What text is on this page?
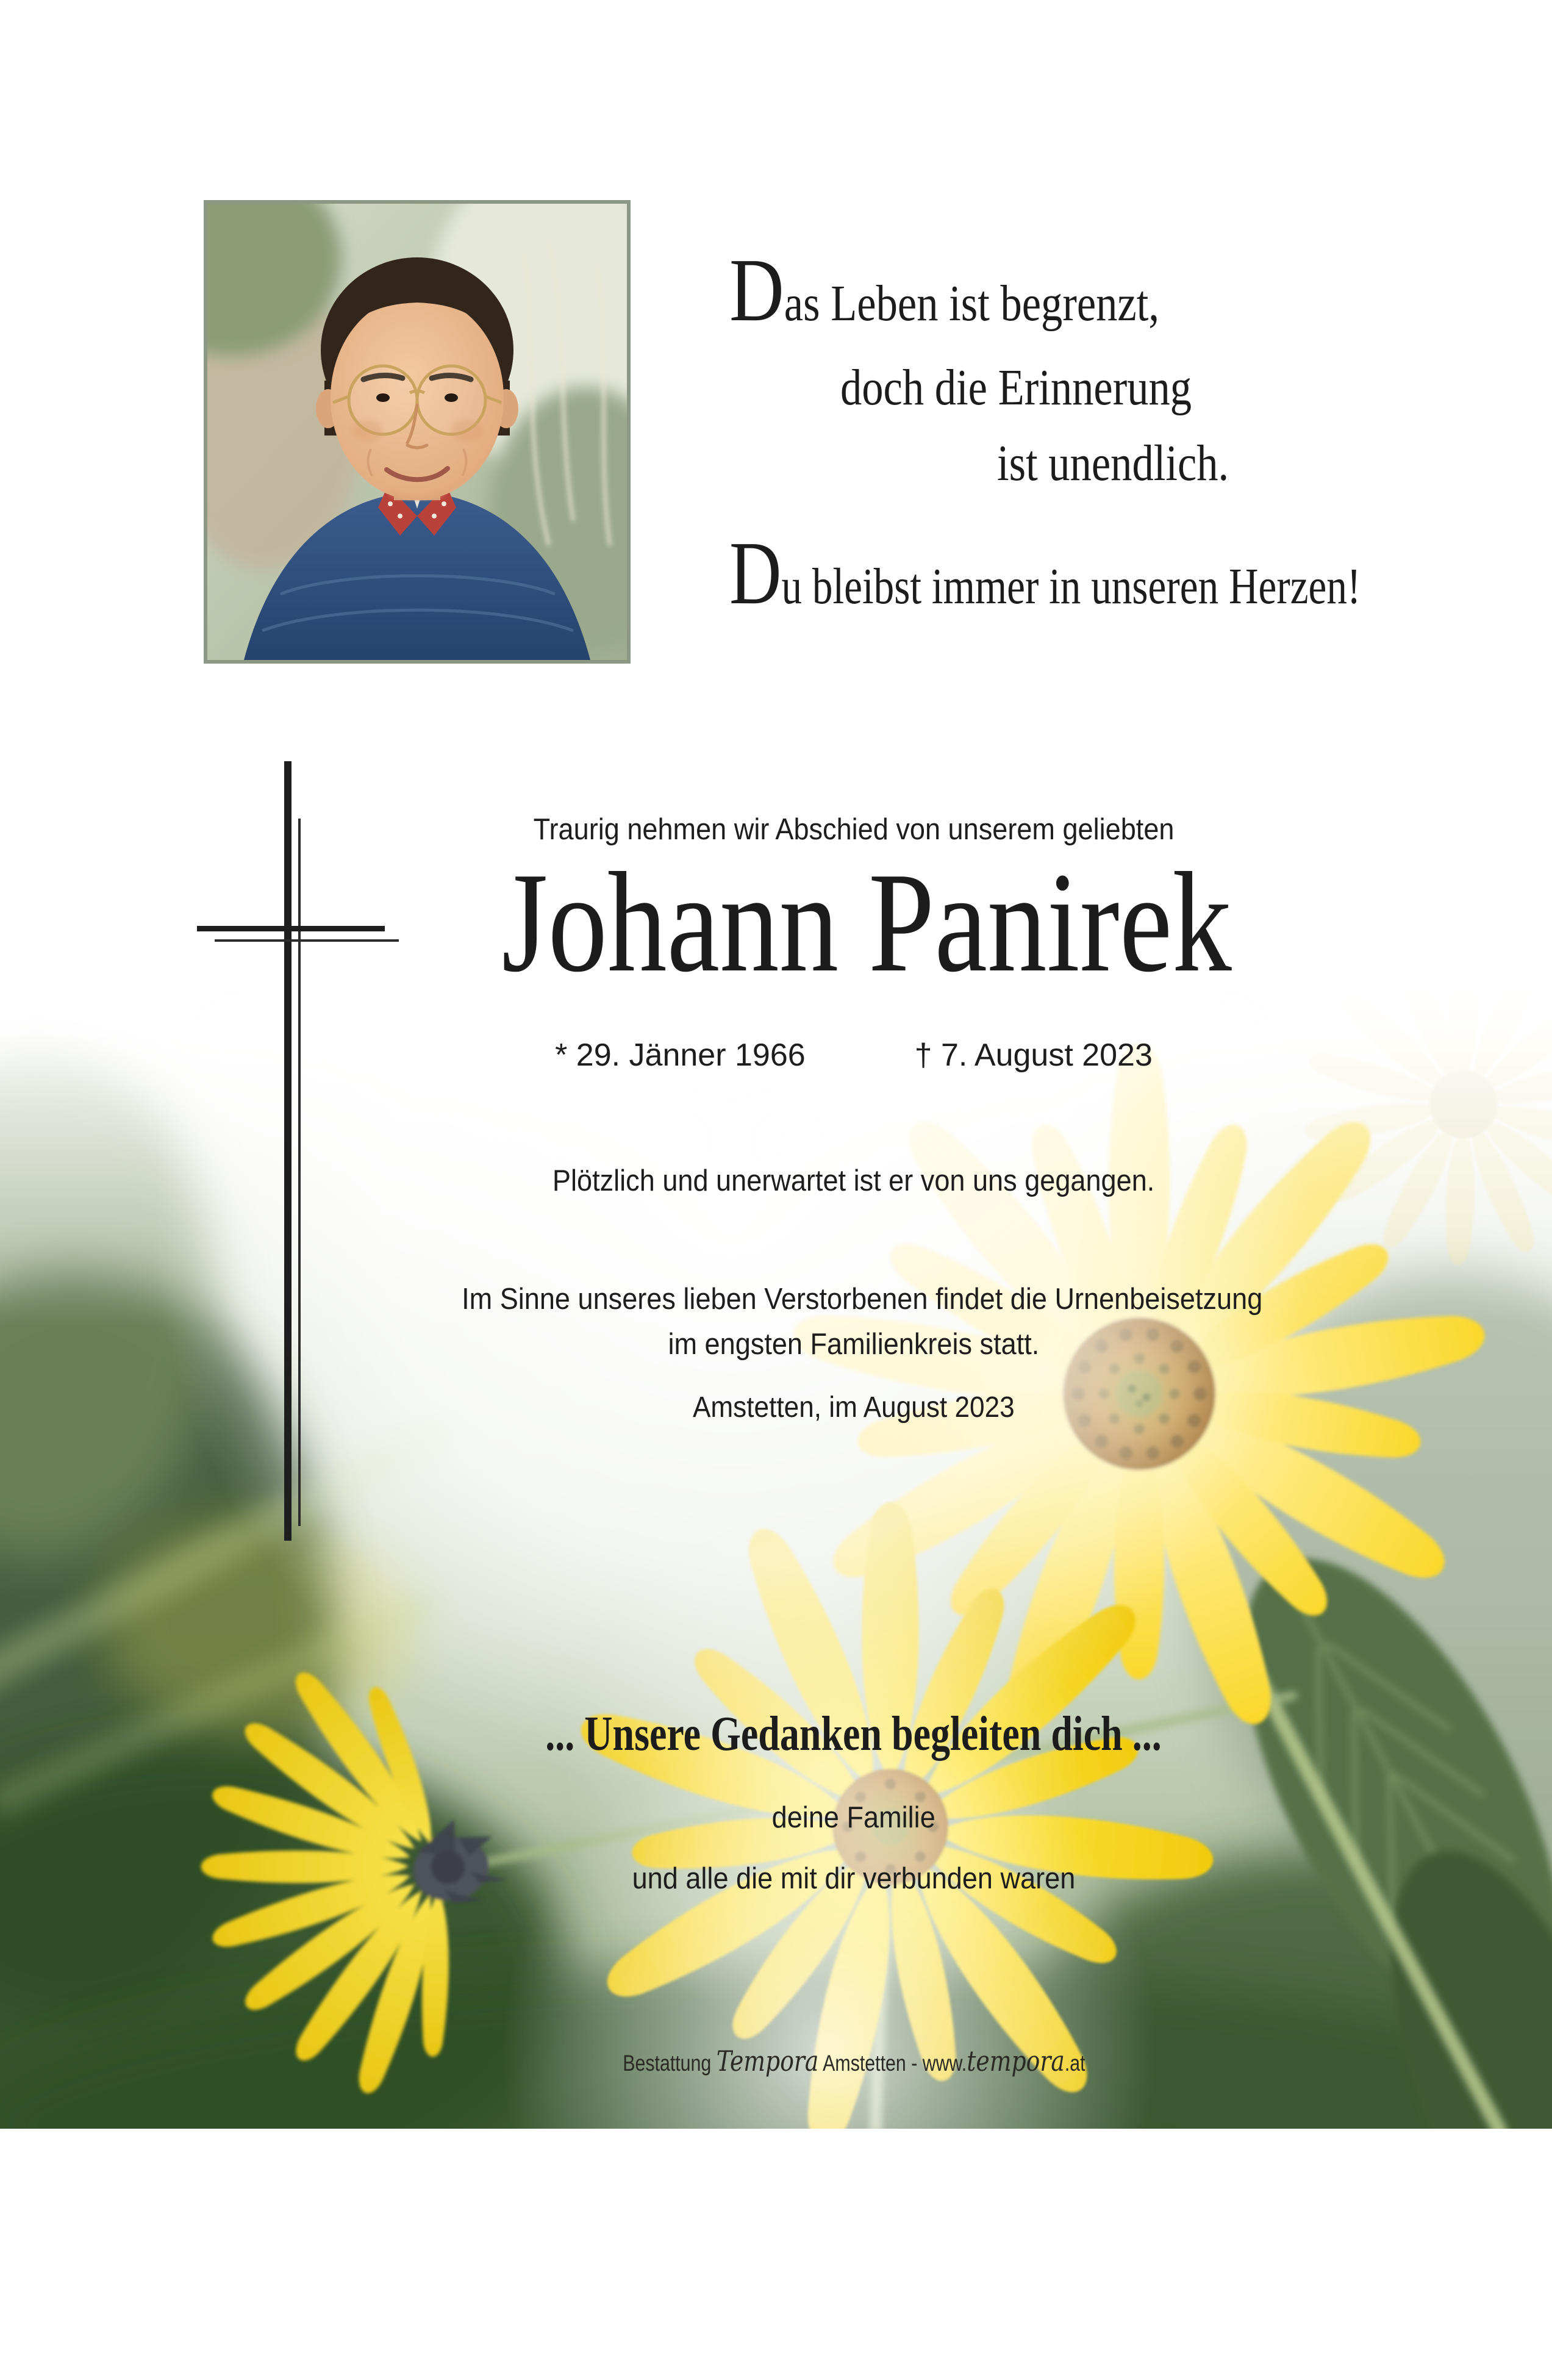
Das Leben ist begrenzt,
doch die Erinnerung
ist unendlich.
Du bleibst immer in unseren Herzen!
Traurig nehmen wir Abschied von unserem geliebten
Johann Panirek
* 29. Jänner 1966	† 7. August 2023
Plötzlich und unerwartet ist er von uns gegangen.
Im Sinne unseres lieben Verstorbenen findet die Urnenbeisetzung
im engsten Familienkreis statt.
Amstetten, im August 2023
... Unsere Gedanken begleiten dich ...
deine Familie
und alle die mit dir verbunden waren
Bestattung Tempora Amstetten - www.tempora.at
